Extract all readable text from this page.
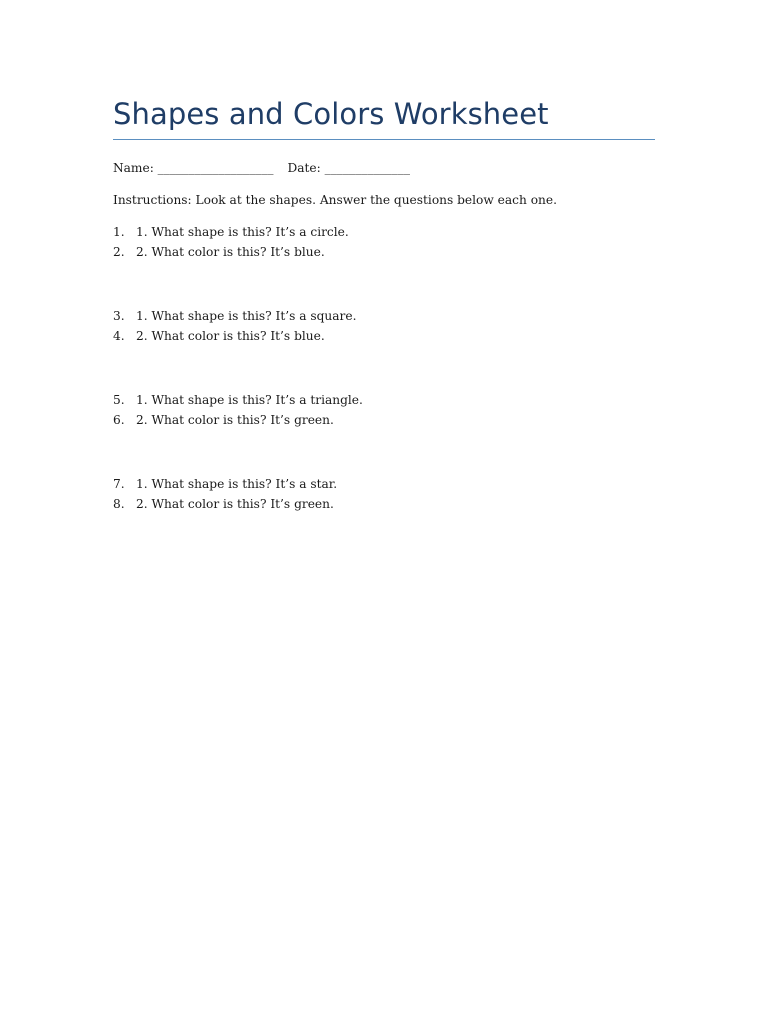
Shapes and Colors Worksheet
Name: ___________________ Date: ______________
Instructions: Look at the shapes. Answer the questions below each one.
1. 1. What shape is this? It’s a circle.
2. 2. What color is this? It’s blue.
3. 1. What shape is this? It’s a square.
4. 2. What color is this? It’s blue.
5. 1. What shape is this? It’s a triangle.
6. 2. What color is this? It’s green.
7. 1. What shape is this? It’s a star.
8. 2. What color is this? It’s green.
